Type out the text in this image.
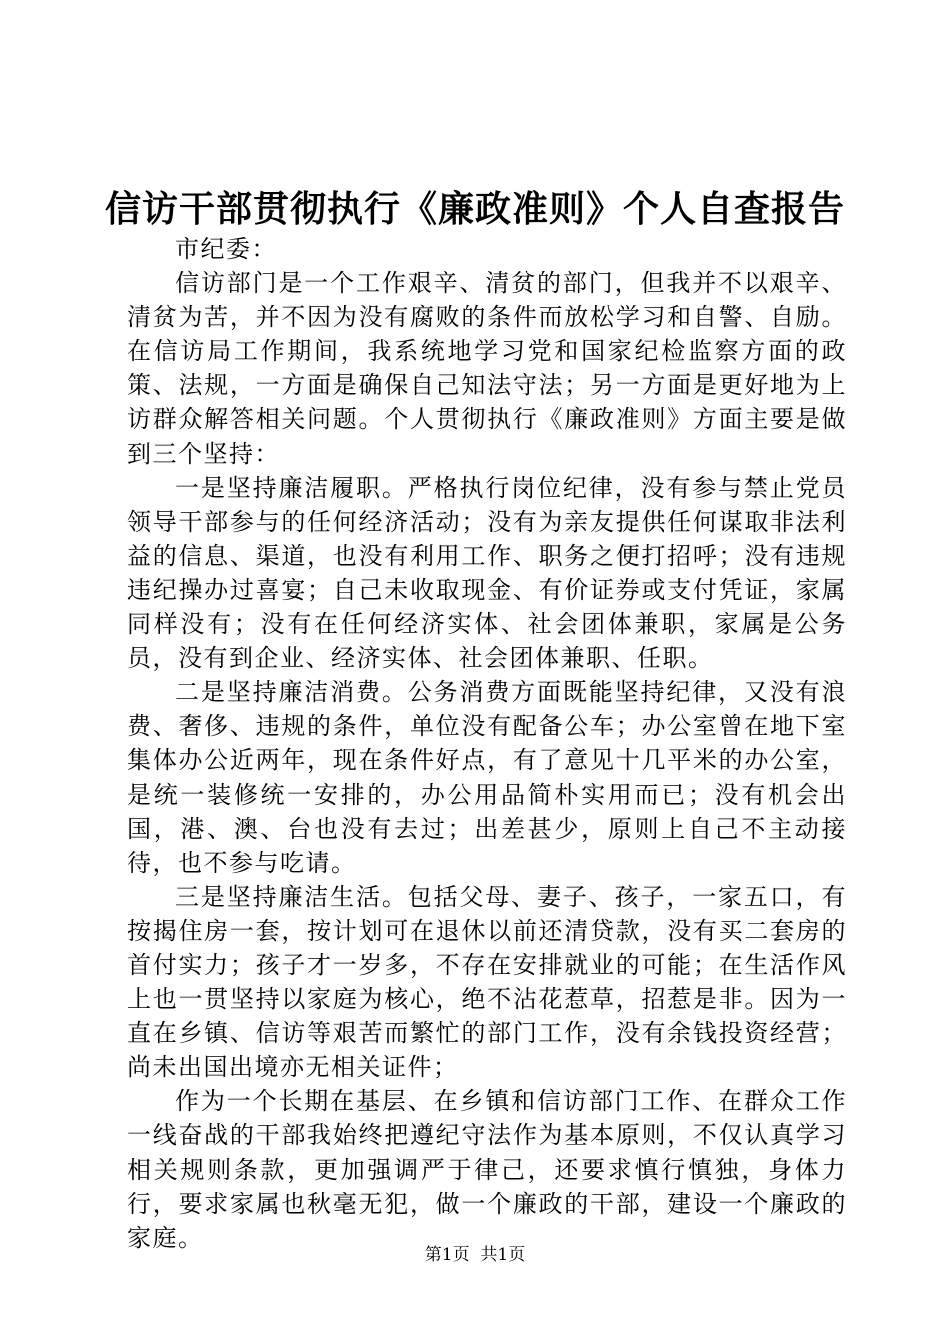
信访干部贯彻执行《廉政准则》个人自查报告

市纪委：

信访部门是一个工作艰辛、清贫的部门，但我并不以艰辛、清贫为苦，并不因为没有腐败的条件而放松学习和自警、自励。在信访局工作期间，我系统地学习党和国家纪检监察方面的政策、法规，一方面是确保自己知法守法；另一方面是更好地为上访群众解答相关问题。个人贯彻执行《廉政准则》方面主要是做到三个坚持：

一是坚持廉洁履职。严格执行岗位纪律，没有参与禁止党员领导干部参与的任何经济活动；没有为亲友提供任何谋取非法利益的信息、渠道，也没有利用工作、职务之便打招呼；没有违规违纪操办过喜宴；自己未收取现金、有价证券或支付凭证，家属同样没有；没有在任何经济实体、社会团体兼职，家属是公务员，没有到企业、经济实体、社会团体兼职、任职。

二是坚持廉洁消费。公务消费方面既能坚持纪律，又没有浪费、奢侈、违规的条件，单位没有配备公车；办公室曾在地下室集体办公近两年，现在条件好点，有了意见十几平米的办公室，是统一装修统一安排的，办公用品简朴实用而已；没有机会出国，港、澳、台也没有去过；出差甚少，原则上自己不主动接待，也不参与吃请。

三是坚持廉洁生活。包括父母、妻子、孩子，一家五口，有按揭住房一套，按计划可在退休以前还清贷款，没有买二套房的首付实力；孩子才一岁多，不存在安排就业的可能；在生活作风上也一贯坚持以家庭为核心，绝不沾花惹草，招惹是非。因为一直在乡镇、信访等艰苦而繁忙的部门工作，没有余钱投资经营；尚未出国出境亦无相关证件；

作为一个长期在基层、在乡镇和信访部门工作、在群众工作一线奋战的干部我始终把遵纪守法作为基本原则，不仅认真学习相关规则条款，更加强调严于律己，还要求慎行慎独，身体力行，要求家属也秋毫无犯，做一个廉政的干部，建设一个廉政的家庭。

第1页  共1页
